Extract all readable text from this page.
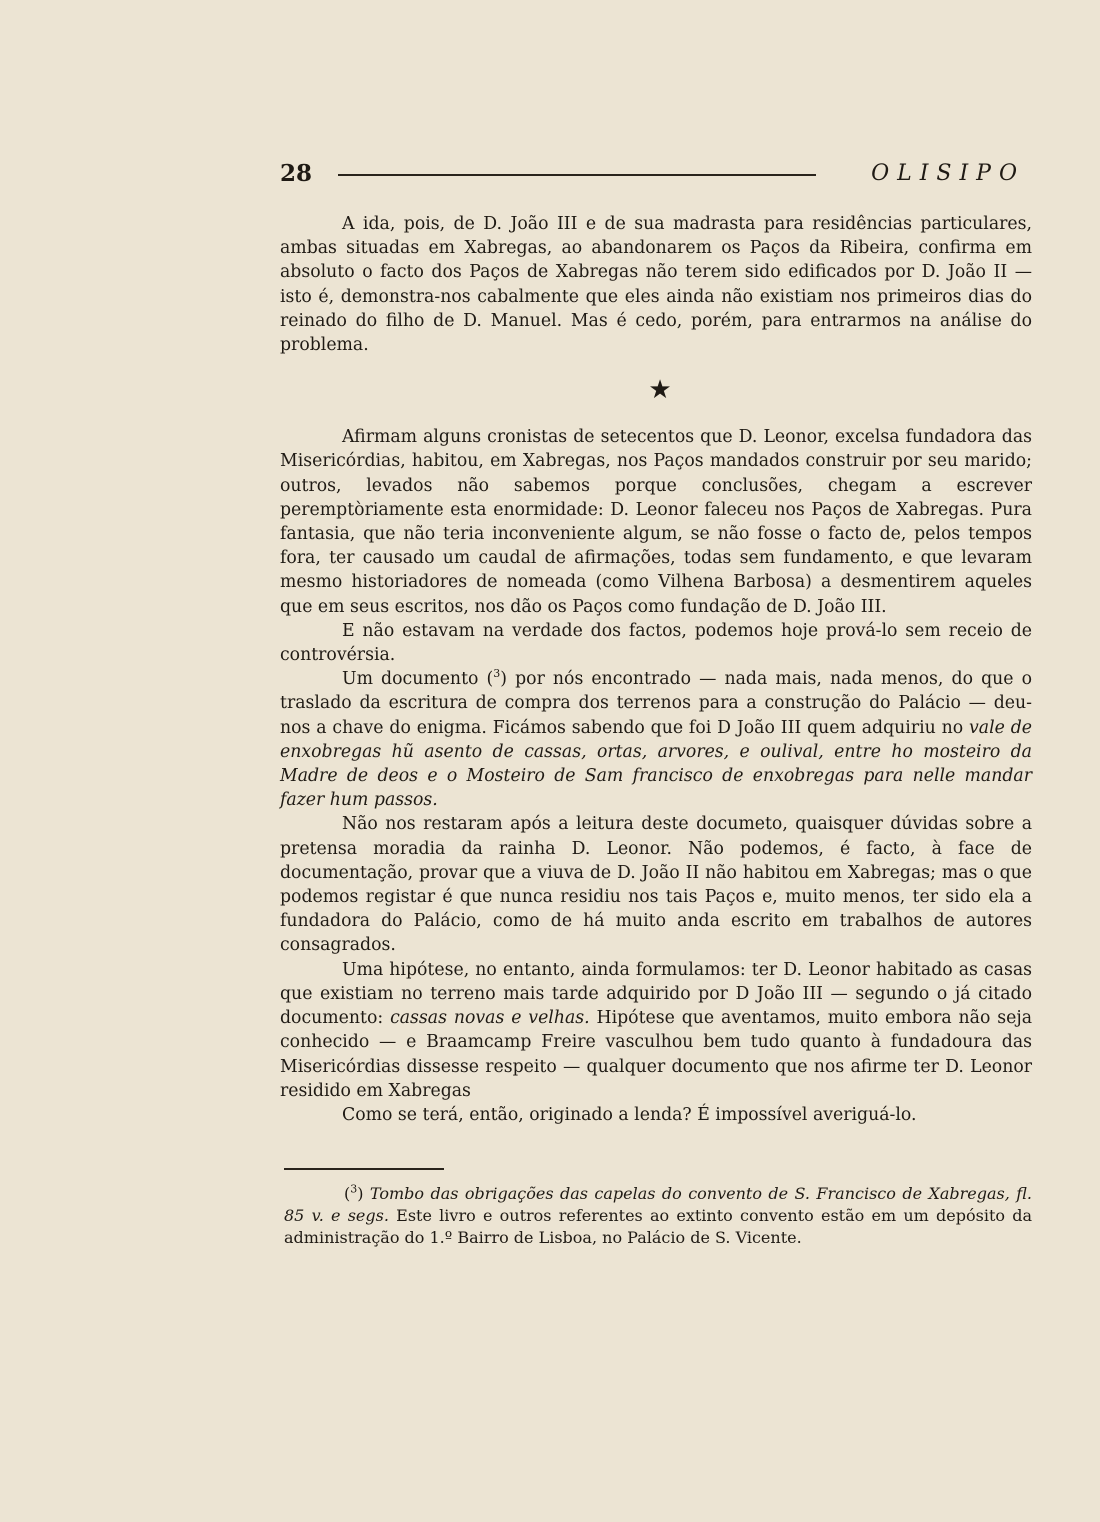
28	OLISIPO

A ida, pois, de D. João III e de sua madrasta para residências particulares, ambas situadas em Xabregas, ao abandonarem os Paços da Ribeira, confirma em absoluto o facto dos Paços de Xabregas não terem sido edificados por D. João II — isto é, demonstra-nos cabalmente que eles ainda não existiam nos primeiros dias do reinado do filho de D. Manuel. Mas é cedo, porém, para entrarmos na análise do problema.

★

Afirmam alguns cronistas de setecentos que D. Leonor, excelsa fundadora das Misericórdias, habitou, em Xabregas, nos Paços mandados construir por seu marido; outros, levados não sabemos porque conclusões, chegam a escrever peremptòriamente esta enormidade: D. Leonor faleceu nos Paços de Xabregas. Pura fantasia, que não teria inconveniente algum, se não fosse o facto de, pelos tempos fora, ter causado um caudal de afirmações, todas sem fundamento, e que levaram mesmo historiadores de nomeada (como Vilhena Barbosa) a desmentirem aqueles que em seus escritos, nos dão os Paços como fundação de D. João III.

E não estavam na verdade dos factos, podemos hoje prová-lo sem receio de controvérsia.

Um documento ($^3$) por nós encontrado — nada mais, nada menos, do que o traslado da escritura de compra dos terrenos para a construção do Palácio — deu-nos a chave do enigma. Ficámos sabendo que foi D João III quem adquiriu no vale de enxobregas hũ asento de cassas, ortas, arvores, e oulival, entre ho mosteiro da Madre de deos e o Mosteiro de Sam francisco de enxobregas para nelle mandar fazer hum passos.

Não nos restaram após a leitura deste documeto, quaisquer dúvidas sobre a pretensa moradia da rainha D. Leonor. Não podemos, é facto, à face de documentação, provar que a viuva de D. João II não habitou em Xabregas; mas o que podemos registar é que nunca residiu nos tais Paços e, muito menos, ter sido ela a fundadora do Palácio, como de há muito anda escrito em trabalhos de autores consagrados.

Uma hipótese, no entanto, ainda formulamos: ter D. Leonor habitado as casas que existiam no terreno mais tarde adquirido por D João III — segundo o já citado documento: cassas novas e velhas. Hipótese que aventamos, muito embora não seja conhecido — e Braamcamp Freire vasculhou bem tudo quanto à fundadoura das Misericórdias dissesse respeito — qualquer documento que nos afirme ter D. Leonor residido em Xabregas

Como se terá, então, originado a lenda? É impossível averiguá-lo.

($^3$) Tombo das obrigações das capelas do convento de S. Francisco de Xabregas, fl. 85 v. e segs. Este livro e outros referentes ao extinto convento estão em um depósito da administração do 1.º Bairro de Lisboa, no Palácio de S. Vicente.
